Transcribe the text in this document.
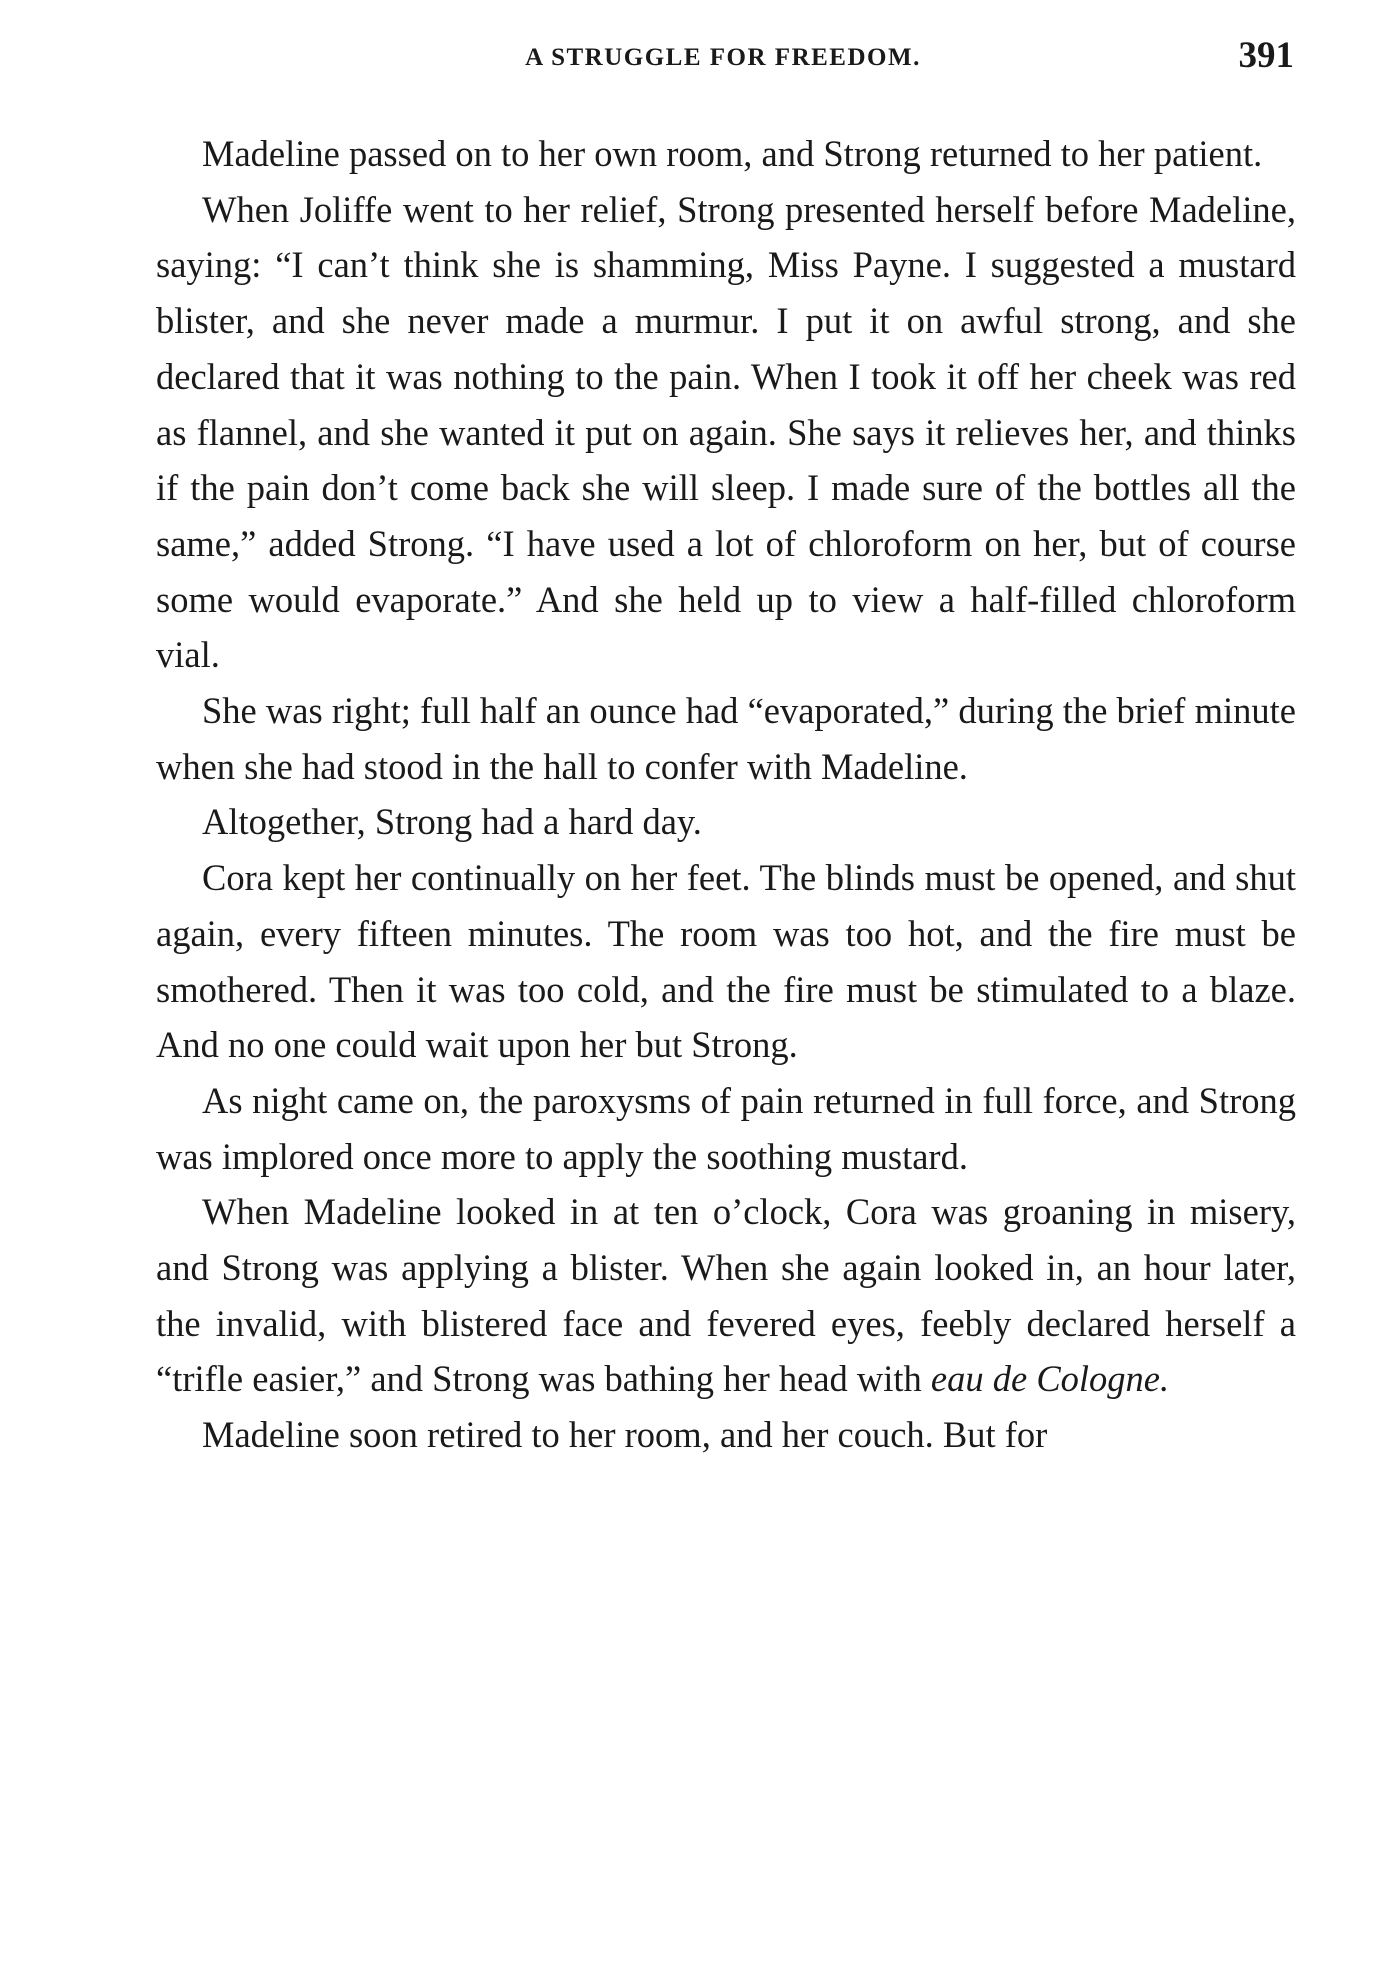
A STRUGGLE FOR FREEDOM.	391

Madeline passed on to her own room, and Strong returned to her patient.

When Joliffe went to her relief, Strong presented herself before Madeline, saying: “I can’t think she is shamming, Miss Payne. I suggested a mustard blister, and she never made a murmur. I put it on awful strong, and she declared that it was nothing to the pain. When I took it off her cheek was red as flannel, and she wanted it put on again. She says it relieves her, and thinks if the pain don’t come back she will sleep. I made sure of the bottles all the same,” added Strong. “I have used a lot of chloroform on her, but of course some would evaporate.” And she held up to view a half-filled chloroform vial.

She was right; full half an ounce had “evaporated,” during the brief minute when she had stood in the hall to confer with Madeline.

Altogether, Strong had a hard day.

Cora kept her continually on her feet. The blinds must be opened, and shut again, every fifteen minutes. The room was too hot, and the fire must be smothered. Then it was too cold, and the fire must be stimulated to a blaze. And no one could wait upon her but Strong.

As night came on, the paroxysms of pain returned in full force, and Strong was implored once more to apply the soothing mustard.

When Madeline looked in at ten o’clock, Cora was groaning in misery, and Strong was applying a blister. When she again looked in, an hour later, the invalid, with blistered face and fevered eyes, feebly declared herself a “trifle easier,” and Strong was bathing her head with eau de Cologne.

Madeline soon retired to her room, and her couch. But for
